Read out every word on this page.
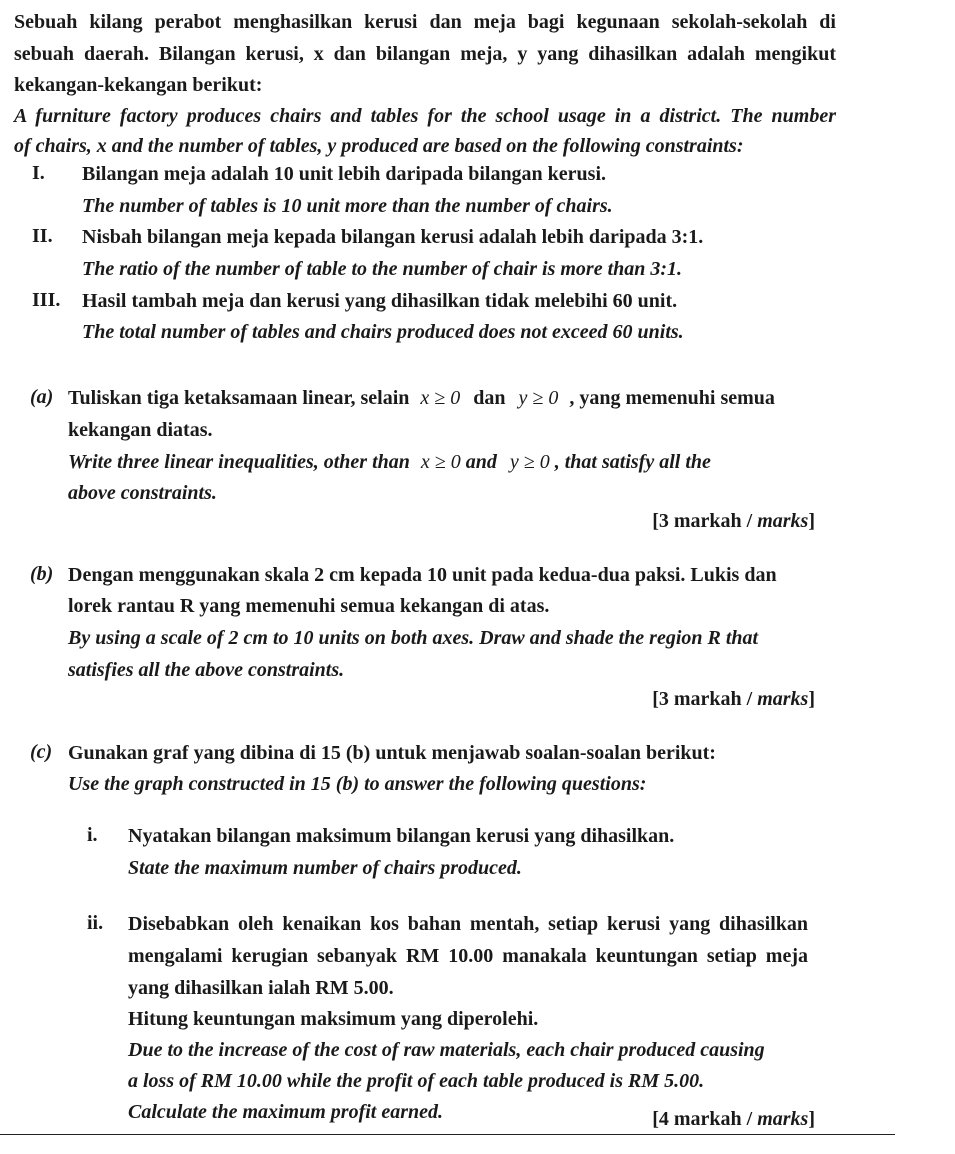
Sebuah kilang perabot menghasilkan kerusi dan meja bagi kegunaan sekolah-sekolah di
sebuah daerah. Bilangan kerusi, x dan bilangan meja, y yang dihasilkan adalah mengikut
kekangan-kekangan berikut:
A furniture factory produces chairs and tables for the school usage in a district. The number
of chairs, x and the number of tables, y produced are based on the following constraints:
I. Bilangan meja adalah 10 unit lebih daripada bilangan kerusi.
The number of tables is 10 unit more than the number of chairs.
II. Nisbah bilangan meja kepada bilangan kerusi adalah lebih daripada 3:1.
The ratio of the number of table to the number of chair is more than 3:1.
III. Hasil tambah meja dan kerusi yang dihasilkan tidak melebihi 60 unit.
The total number of tables and chairs produced does not exceed 60 units.
(a) Tuliskan tiga ketaksamaan linear, selain x ≥ 0 dan y ≥ 0 , yang memenuhi semua
kekangan diatas.
Write three linear inequalities, other than x ≥ 0 and y ≥ 0 , that satisfy all the
above constraints.
[3 markah / marks]
(b) Dengan menggunakan skala 2 cm kepada 10 unit pada kedua-dua paksi. Lukis dan
lorek rantau R yang memenuhi semua kekangan di atas.
By using a scale of 2 cm to 10 units on both axes. Draw and shade the region R that
satisfies all the above constraints.
[3 markah / marks]
(c) Gunakan graf yang dibina di 15 (b) untuk menjawab soalan-soalan berikut:
Use the graph constructed in 15 (b) to answer the following questions:
i. Nyatakan bilangan maksimum bilangan kerusi yang dihasilkan.
State the maximum number of chairs produced.
ii. Disebabkan oleh kenaikan kos bahan mentah, setiap kerusi yang dihasilkan
mengalami kerugian sebanyak RM 10.00 manakala keuntungan setiap meja
yang dihasilkan ialah RM 5.00.
Hitung keuntungan maksimum yang diperolehi.
Due to the increase of the cost of raw materials, each chair produced causing
a loss of RM 10.00 while the profit of each table produced is RM 5.00.
Calculate the maximum profit earned.	[4 markah / marks]
